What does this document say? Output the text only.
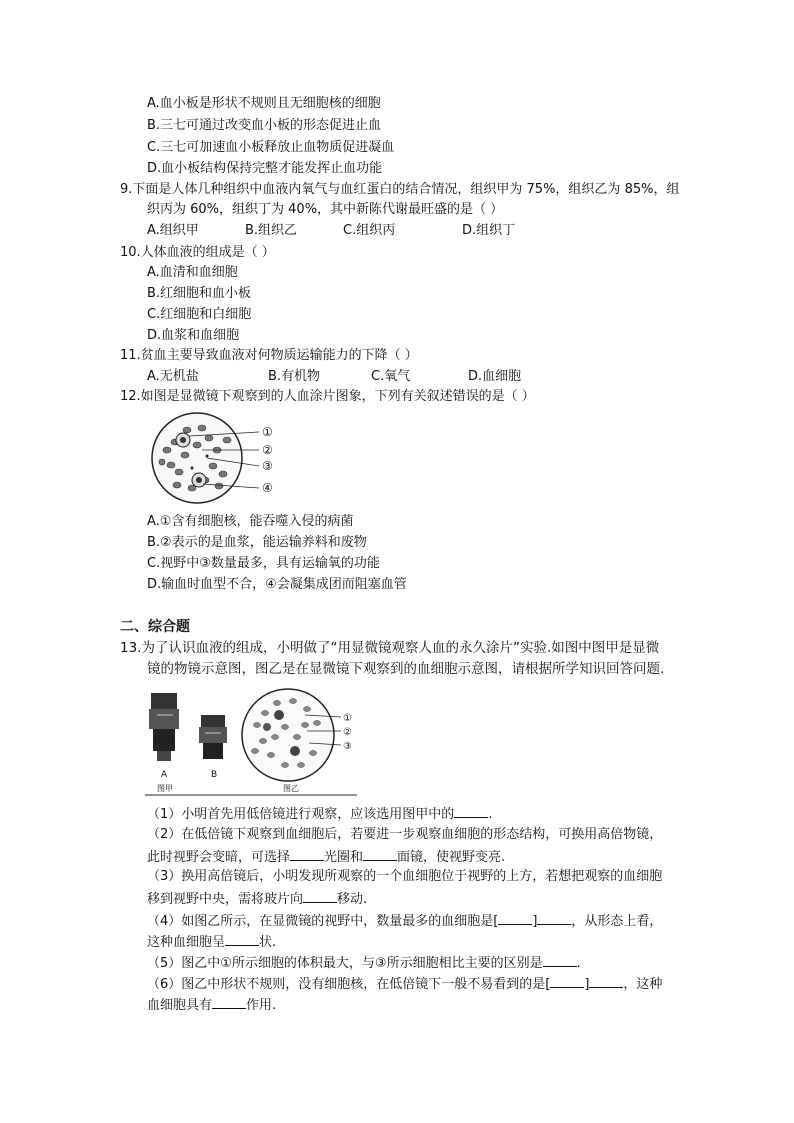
A.血小板是形状不规则且无细胞核的细胞
B.三七可通过改变血小板的形态促进止血
C.三七可加速血小板释放止血物质促进凝血
D.血小板结构保持完整才能发挥止血功能
9.下面是人体几种组织中血液内氧气与血红蛋白的结合情况，组织甲为 75%，组织乙为 85%，组
织丙为 60%，组织丁为 40%，其中新陈代谢最旺盛的是（ ）
A.组织甲	B.组织乙	C.组织丙	D.组织丁
10.人体血液的组成是（ ）
A.血清和血细胞
B.红细胞和血小板
C.红细胞和白细胞
D.血浆和血细胞
11.贫血主要导致血液对何物质运输能力的下降（ ）
A.无机盐	B.有机物	C.氧气	D.血细胞
12.如图是显微镜下观察到的人血涂片图象，下列有关叙述错误的是（ ）
①
②
③
④
A.①含有细胞核，能吞噬入侵的病菌
B.②表示的是血浆，能运输养料和废物
C.视野中③数量最多，具有运输氧的功能
D.输血时血型不合，④会凝集成团而阻塞血管
二、综合题
13.为了认识血液的组成，小明做了“用显微镜观察人血的永久涂片”实验.如图中图甲是显微
镜的物镜示意图，图乙是在显微镜下观察到的血细胞示意图，请根据所学知识回答问题.
A	B
图甲
①
②
③
图乙
（1）小明首先用低倍镜进行观察，应该选用图甲中的	.
（2）在低倍镜下观察到血细胞后，若要进一步观察血细胞的形态结构，可换用高倍物镜，
此时视野会变暗，可选择	光圈和	面镜，使视野变亮.
（3）换用高倍镜后，小明发现所观察的一个血细胞位于视野的上方，若想把观察的血细胞
移到视野中央，需将玻片向	移动.
（4）如图乙所示，在显微镜的视野中，数量最多的血细胞是[	]	，从形态上看，
这种血细胞呈	状.
（5）图乙中①所示细胞的体积最大，与③所示细胞相比主要的区别是	.
（6）图乙中形状不规则，没有细胞核，在低倍镜下一般不易看到的是[	]	，这种
血细胞具有	作用.
